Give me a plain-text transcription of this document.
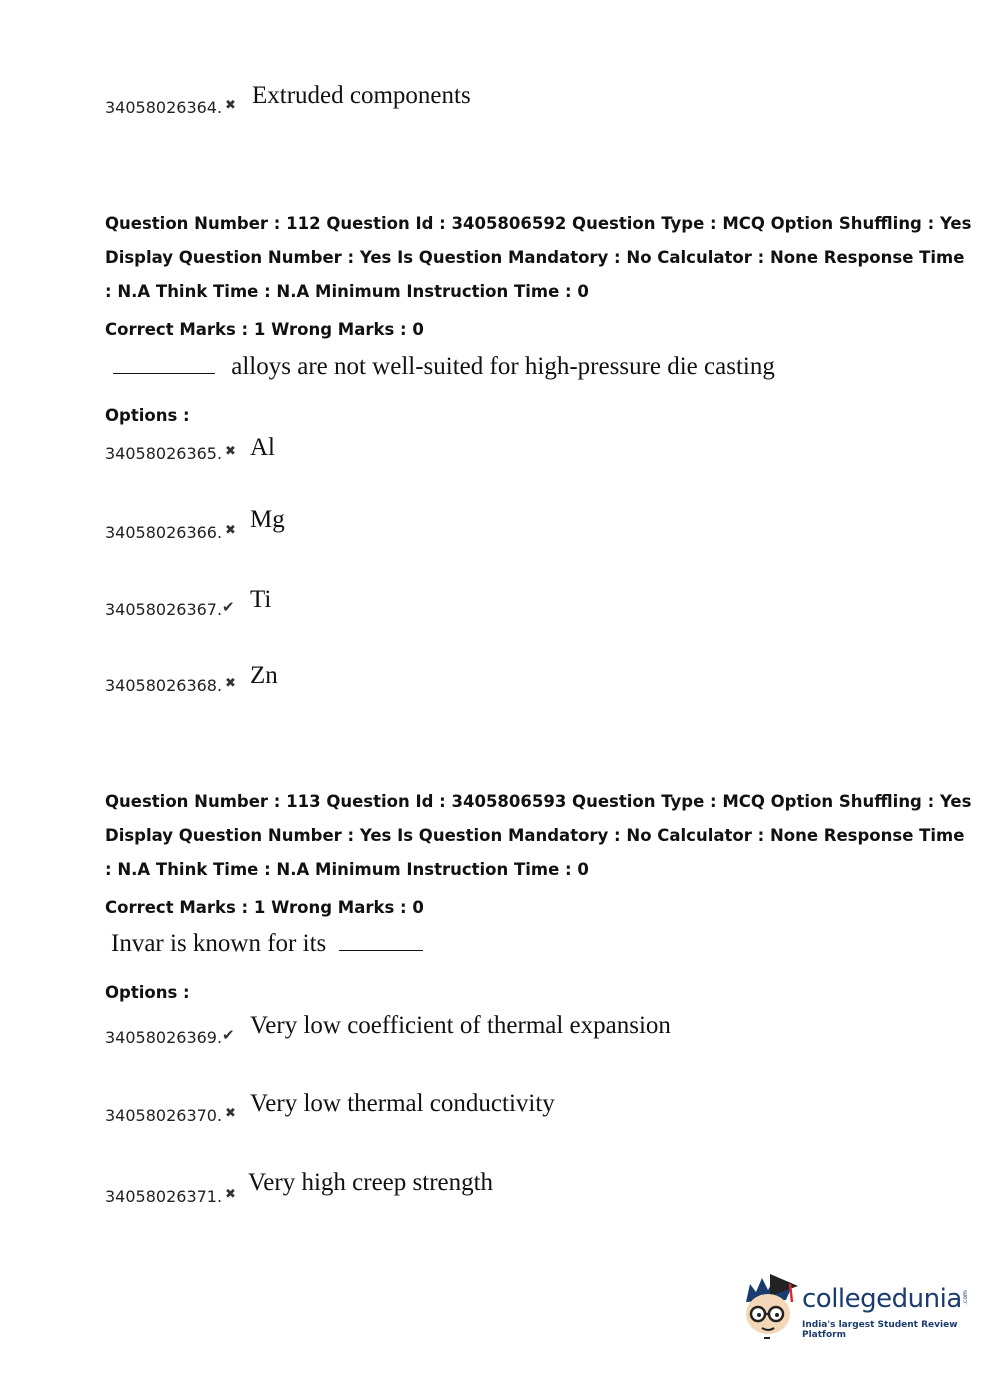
34058026364. ✖ Extruded components
Question Number : 112 Question Id : 3405806592 Question Type : MCQ Option Shuffling : Yes
Display Question Number : Yes Is Question Mandatory : No Calculator : None Response Time
: N.A Think Time : N.A Minimum Instruction Time : 0
Correct Marks : 1 Wrong Marks : 0
alloys are not well-suited for high-pressure die casting
Options :
34058026365. ✖ Al
34058026366. ✖ Mg
34058026367. ✔ Ti
34058026368. ✖ Zn
Question Number : 113 Question Id : 3405806593 Question Type : MCQ Option Shuffling : Yes
Display Question Number : Yes Is Question Mandatory : No Calculator : None Response Time
: N.A Think Time : N.A Minimum Instruction Time : 0
Correct Marks : 1 Wrong Marks : 0
Invar is known for its
Options :
34058026369. ✔ Very low coefficient of thermal expansion
34058026370. ✖ Very low thermal conductivity
34058026371. ✖ Very high creep strength
collegedunia .com
India's largest Student Review Platform
